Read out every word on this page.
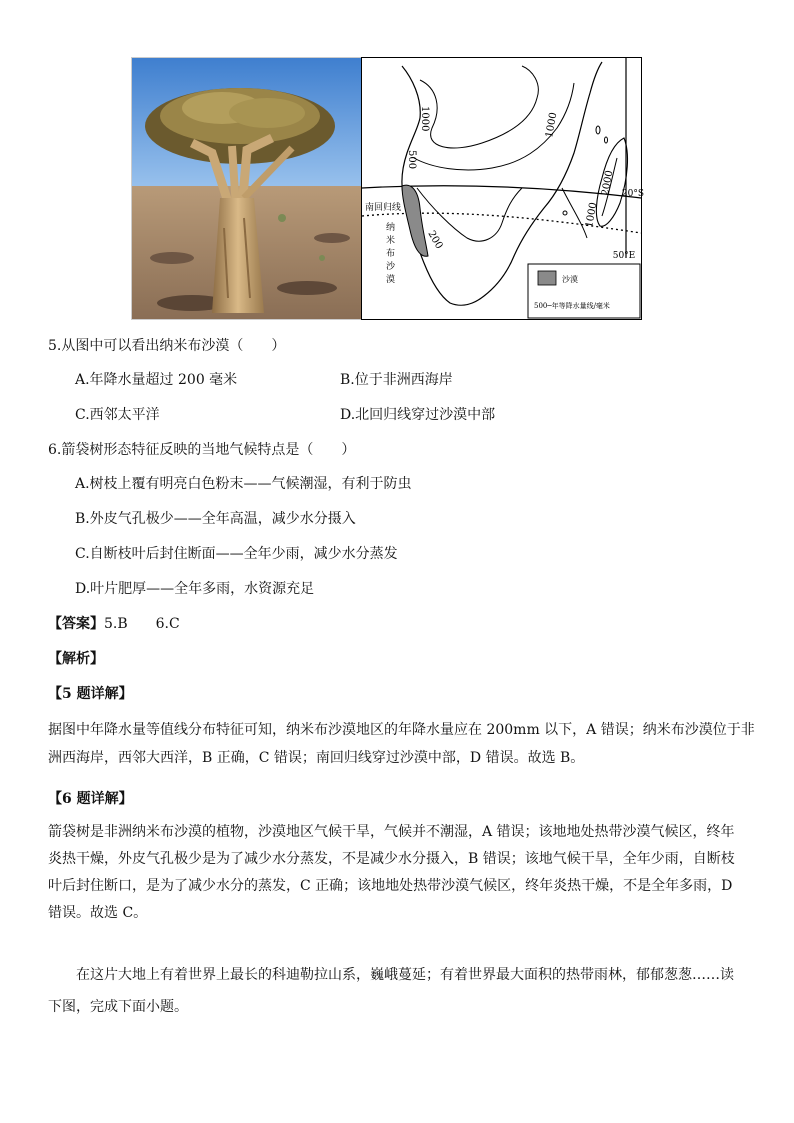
1000	1000
500
2000
1000
200
20°S
50°E
南回归线
纳
米
布
沙
漠	沙漠
500─年等降水量线/毫米
5.从图中可以看出纳米布沙漠（　　）
A.年降水量超过 200 毫米	B.位于非洲西海岸
C.西邻太平洋	D.北回归线穿过沙漠中部
6.箭袋树形态特征反映的当地气候特点是（　　）
A.树枝上覆有明亮白色粉末——气候潮湿，有利于防虫
B.外皮气孔极少——全年高温，减少水分摄入
C.自断枝叶后封住断面——全年少雨，减少水分蒸发
D.叶片肥厚——全年多雨，水资源充足
【答案】5.B　　6.C
【解析】
【5 题详解】
据图中年降水量等值线分布特征可知，纳米布沙漠地区的年降水量应在 200mm 以下，A 错误；纳米布沙漠位于非
洲西海岸，西邻大西洋，B 正确，C 错误；南回归线穿过沙漠中部，D 错误。故选 B。
【6 题详解】
箭袋树是非洲纳米布沙漠的植物，沙漠地区气候干旱，气候并不潮湿，A 错误；该地地处热带沙漠气候区，终年
炎热干燥，外皮气孔极少是为了减少水分蒸发，不是减少水分摄入，B 错误；该地气候干旱，全年少雨，自断枝
叶后封住断口，是为了减少水分的蒸发，C 正确；该地地处热带沙漠气候区，终年炎热干燥，不是全年多雨，D
错误。故选 C。
　　在这片大地上有着世界上最长的科迪勒拉山系，巍峨蔓延；有着世界最大面积的热带雨林，郁郁葱葱……读
下图，完成下面小题。
